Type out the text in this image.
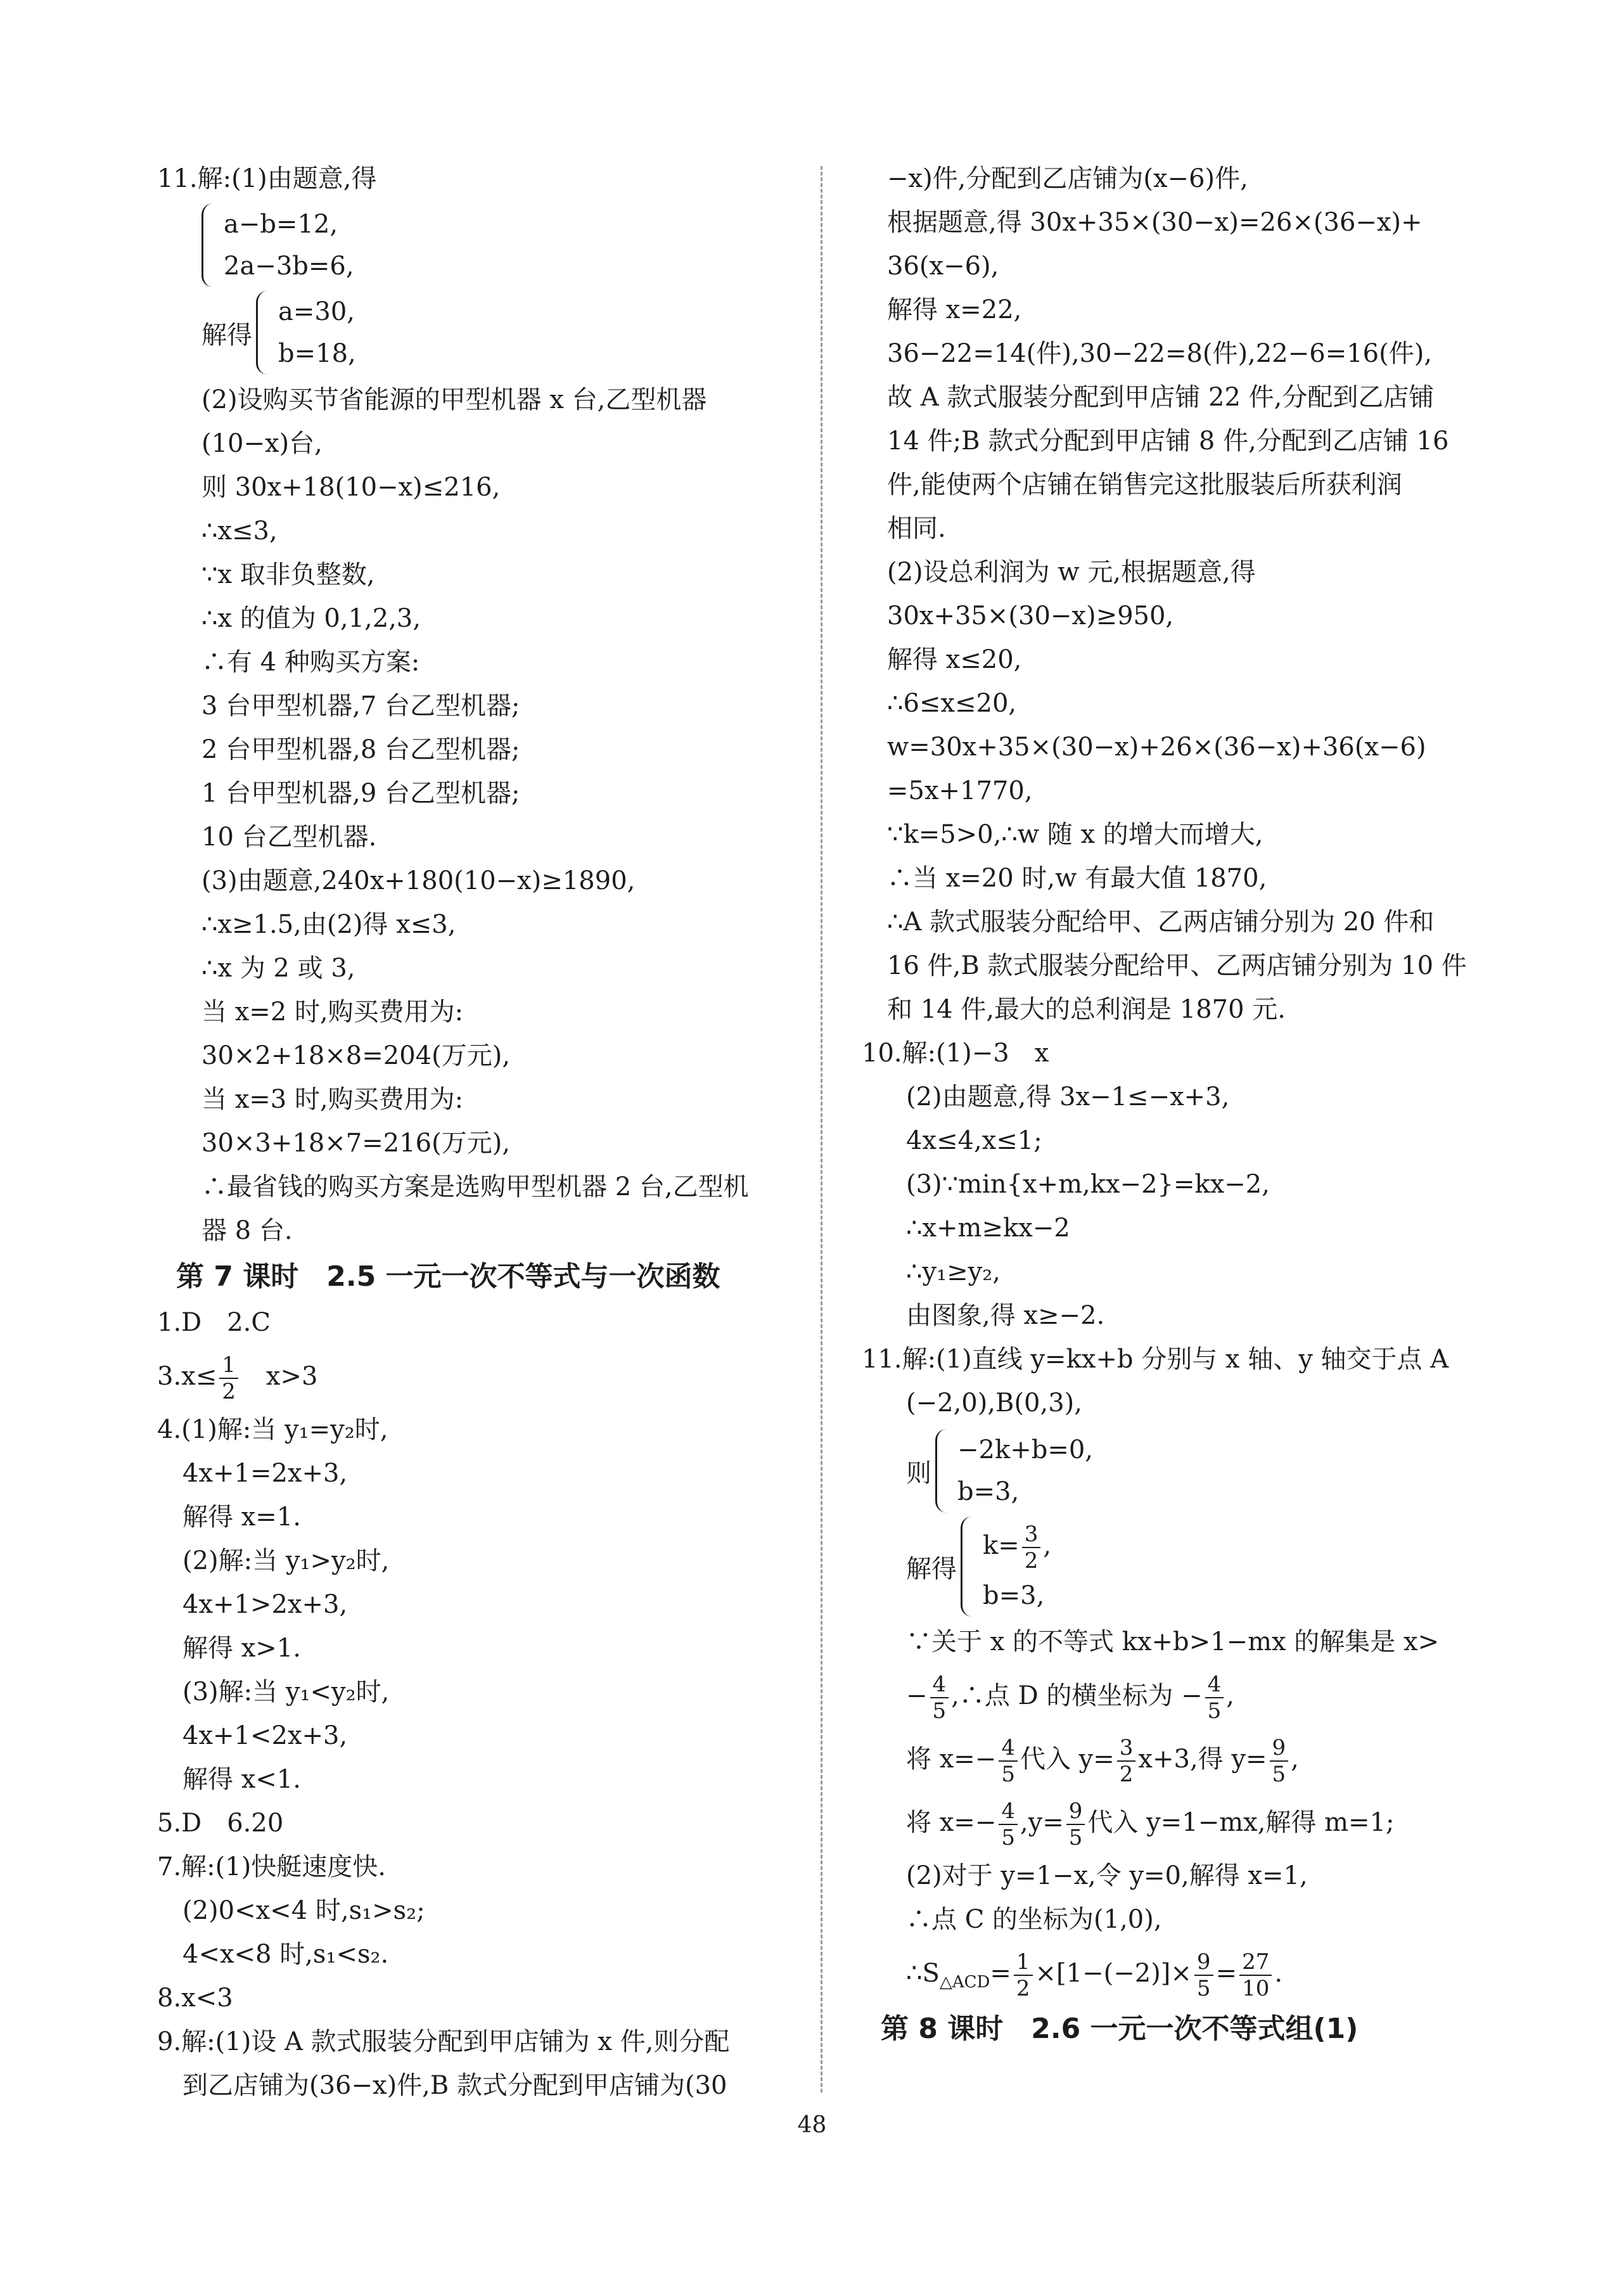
11.解:(1)由题意,得
a−b=12,
2a−3b=6,
解得
a=30,
b=18,
(2)设购买节省能源的甲型机器 x 台,乙型机器
(10−x)台,
则 30x+18(10−x)≤216,
∴x≤3,
∵x 取非负整数,
∴x 的值为 0,1,2,3,
∴有 4 种购买方案:
3 台甲型机器,7 台乙型机器;
2 台甲型机器,8 台乙型机器;
1 台甲型机器,9 台乙型机器;
10 台乙型机器.
(3)由题意,240x+180(10−x)≥1890,
∴x≥1.5,由(2)得 x≤3,
∴x 为 2 或 3,
当 x=2 时,购买费用为:
30×2+18×8=204(万元),
当 x=3 时,购买费用为:
30×3+18×7=216(万元),
∴最省钱的购买方案是选购甲型机器 2 台,乙型机
器 8 台.
第 7 课时　2.5 一元一次不等式与一次函数
1.D　2.C
$3.x\le \frac{1}{2}$ 　x>3
4.(1)解:当 y₁=y₂时,
4x+1=2x+3,
解得 x=1.
(2)解:当 y₁>y₂时,
4x+1>2x+3,
解得 x>1.
(3)解:当 y₁<y₂时,
4x+1<2x+3,
解得 x<1.
5.D　6.20
7.解:(1)快艇速度快.
(2)0<x<4 时,s₁>s₂;
4<x<8 时,s₁<s₂.
8.x<3
9.解:(1)设 A 款式服装分配到甲店铺为 x 件,则分配
到乙店铺为(36−x)件,B 款式分配到甲店铺为(30
−x)件,分配到乙店铺为(x−6)件,
根据题意,得 30x+35×(30−x)=26×(36−x)+
36(x−6),
解得 x=22,
36−22=14(件),30−22=8(件),22−6=16(件),
故 A 款式服装分配到甲店铺 22 件,分配到乙店铺
14 件;B 款式分配到甲店铺 8 件,分配到乙店铺 16
件,能使两个店铺在销售完这批服装后所获利润
相同.
(2)设总利润为 w 元,根据题意,得
30x+35×(30−x)≥950,
解得 x≤20,
∴6≤x≤20,
w=30x+35×(30−x)+26×(36−x)+36(x−6)
=5x+1770,
∵k=5>0,∴w 随 x 的增大而增大,
∴当 x=20 时,w 有最大值 1870,
∴A 款式服装分配给甲、乙两店铺分别为 20 件和
16 件,B 款式服装分配给甲、乙两店铺分别为 10 件
和 14 件,最大的总利润是 1870 元.
10.解:(1)−3　x
(2)由题意,得 3x−1≤−x+3,
4x≤4,x≤1;
(3)∵min{x+m,kx−2}=kx−2,
∴x+m≥kx−2
∴y₁≥y₂,
由图象,得 x≥−2.
11.解:(1)直线 y=kx+b 分别与 x 轴、y 轴交于点 A
(−2,0),B(0,3),
则
−2k+b=0,
b=3,
解得
$k= \frac{3}{2}$ ,
b=3,
∵关于 x 的不等式 kx+b>1−mx 的解集是 x>
− $\frac{4}{5}$ ,∴点 D 的横坐标为 − $\frac{4}{5}$ ,
将 $x=- \frac{4}{5}$ 代入 $y= \frac{3}{2} x+3$,得 $y= \frac{9}{5}$ ,
将 $x=- \frac{4}{5} ,y= \frac{9}{5}$ 代入 y=1−mx,解得 m=1;
(2)对于 y=1−x,令 y=0,解得 x=1,
∴点 C 的坐标为(1,0),
$\therefore S_{\triangle ACD}= \frac{1}{2} \times[1-(-2)]\times \frac{9}{5} = \frac{27}{10}$ .
第 8 课时　2.6 一元一次不等式组(1)
48
